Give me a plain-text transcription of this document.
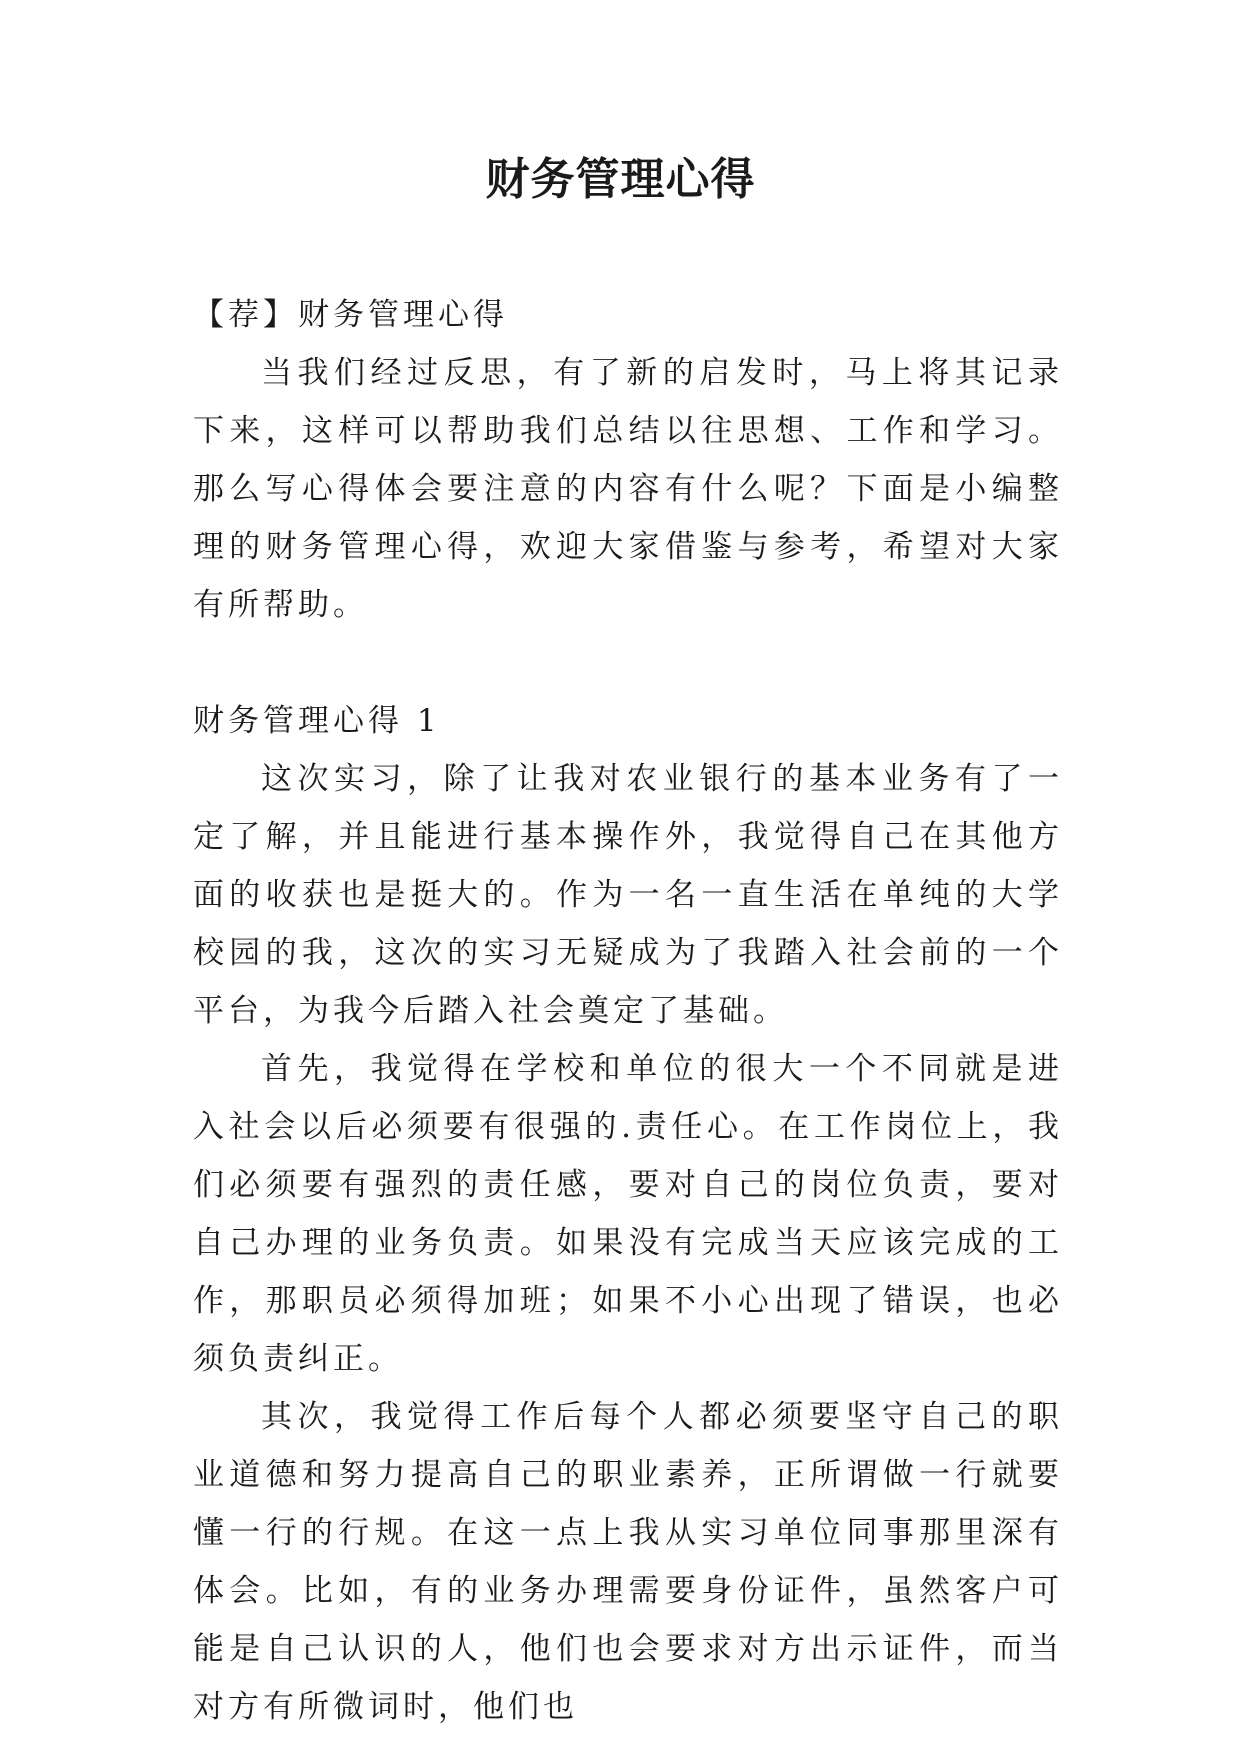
财务管理心得

【荐】财务管理心得

当我们经过反思，有了新的启发时，马上将其记录下来，这样可以帮助我们总结以往思想、工作和学习。那么写心得体会要注意的内容有什么呢？下面是小编整理的财务管理心得，欢迎大家借鉴与参考，希望对大家有所帮助。

财务管理心得 1

这次实习，除了让我对农业银行的基本业务有了一定了解，并且能进行基本操作外，我觉得自己在其他方面的收获也是挺大的。作为一名一直生活在单纯的大学校园的我，这次的实习无疑成为了我踏入社会前的一个平台，为我今后踏入社会奠定了基础。

首先，我觉得在学校和单位的很大一个不同就是进入社会以后必须要有很强的.责任心。在工作岗位上，我们必须要有强烈的责任感，要对自己的岗位负责，要对自己办理的业务负责。如果没有完成当天应该完成的工作，那职员必须得加班；如果不小心出现了错误，也必须负责纠正。

其次，我觉得工作后每个人都必须要坚守自己的职业道德和努力提高自己的职业素养，正所谓做一行就要懂一行的行规。在这一点上我从实习单位同事那里深有体会。比如，有的业务办理需要身份证件，虽然客户可能是自己认识的人，他们也会要求对方出示证件，而当对方有所微词时，他们也
